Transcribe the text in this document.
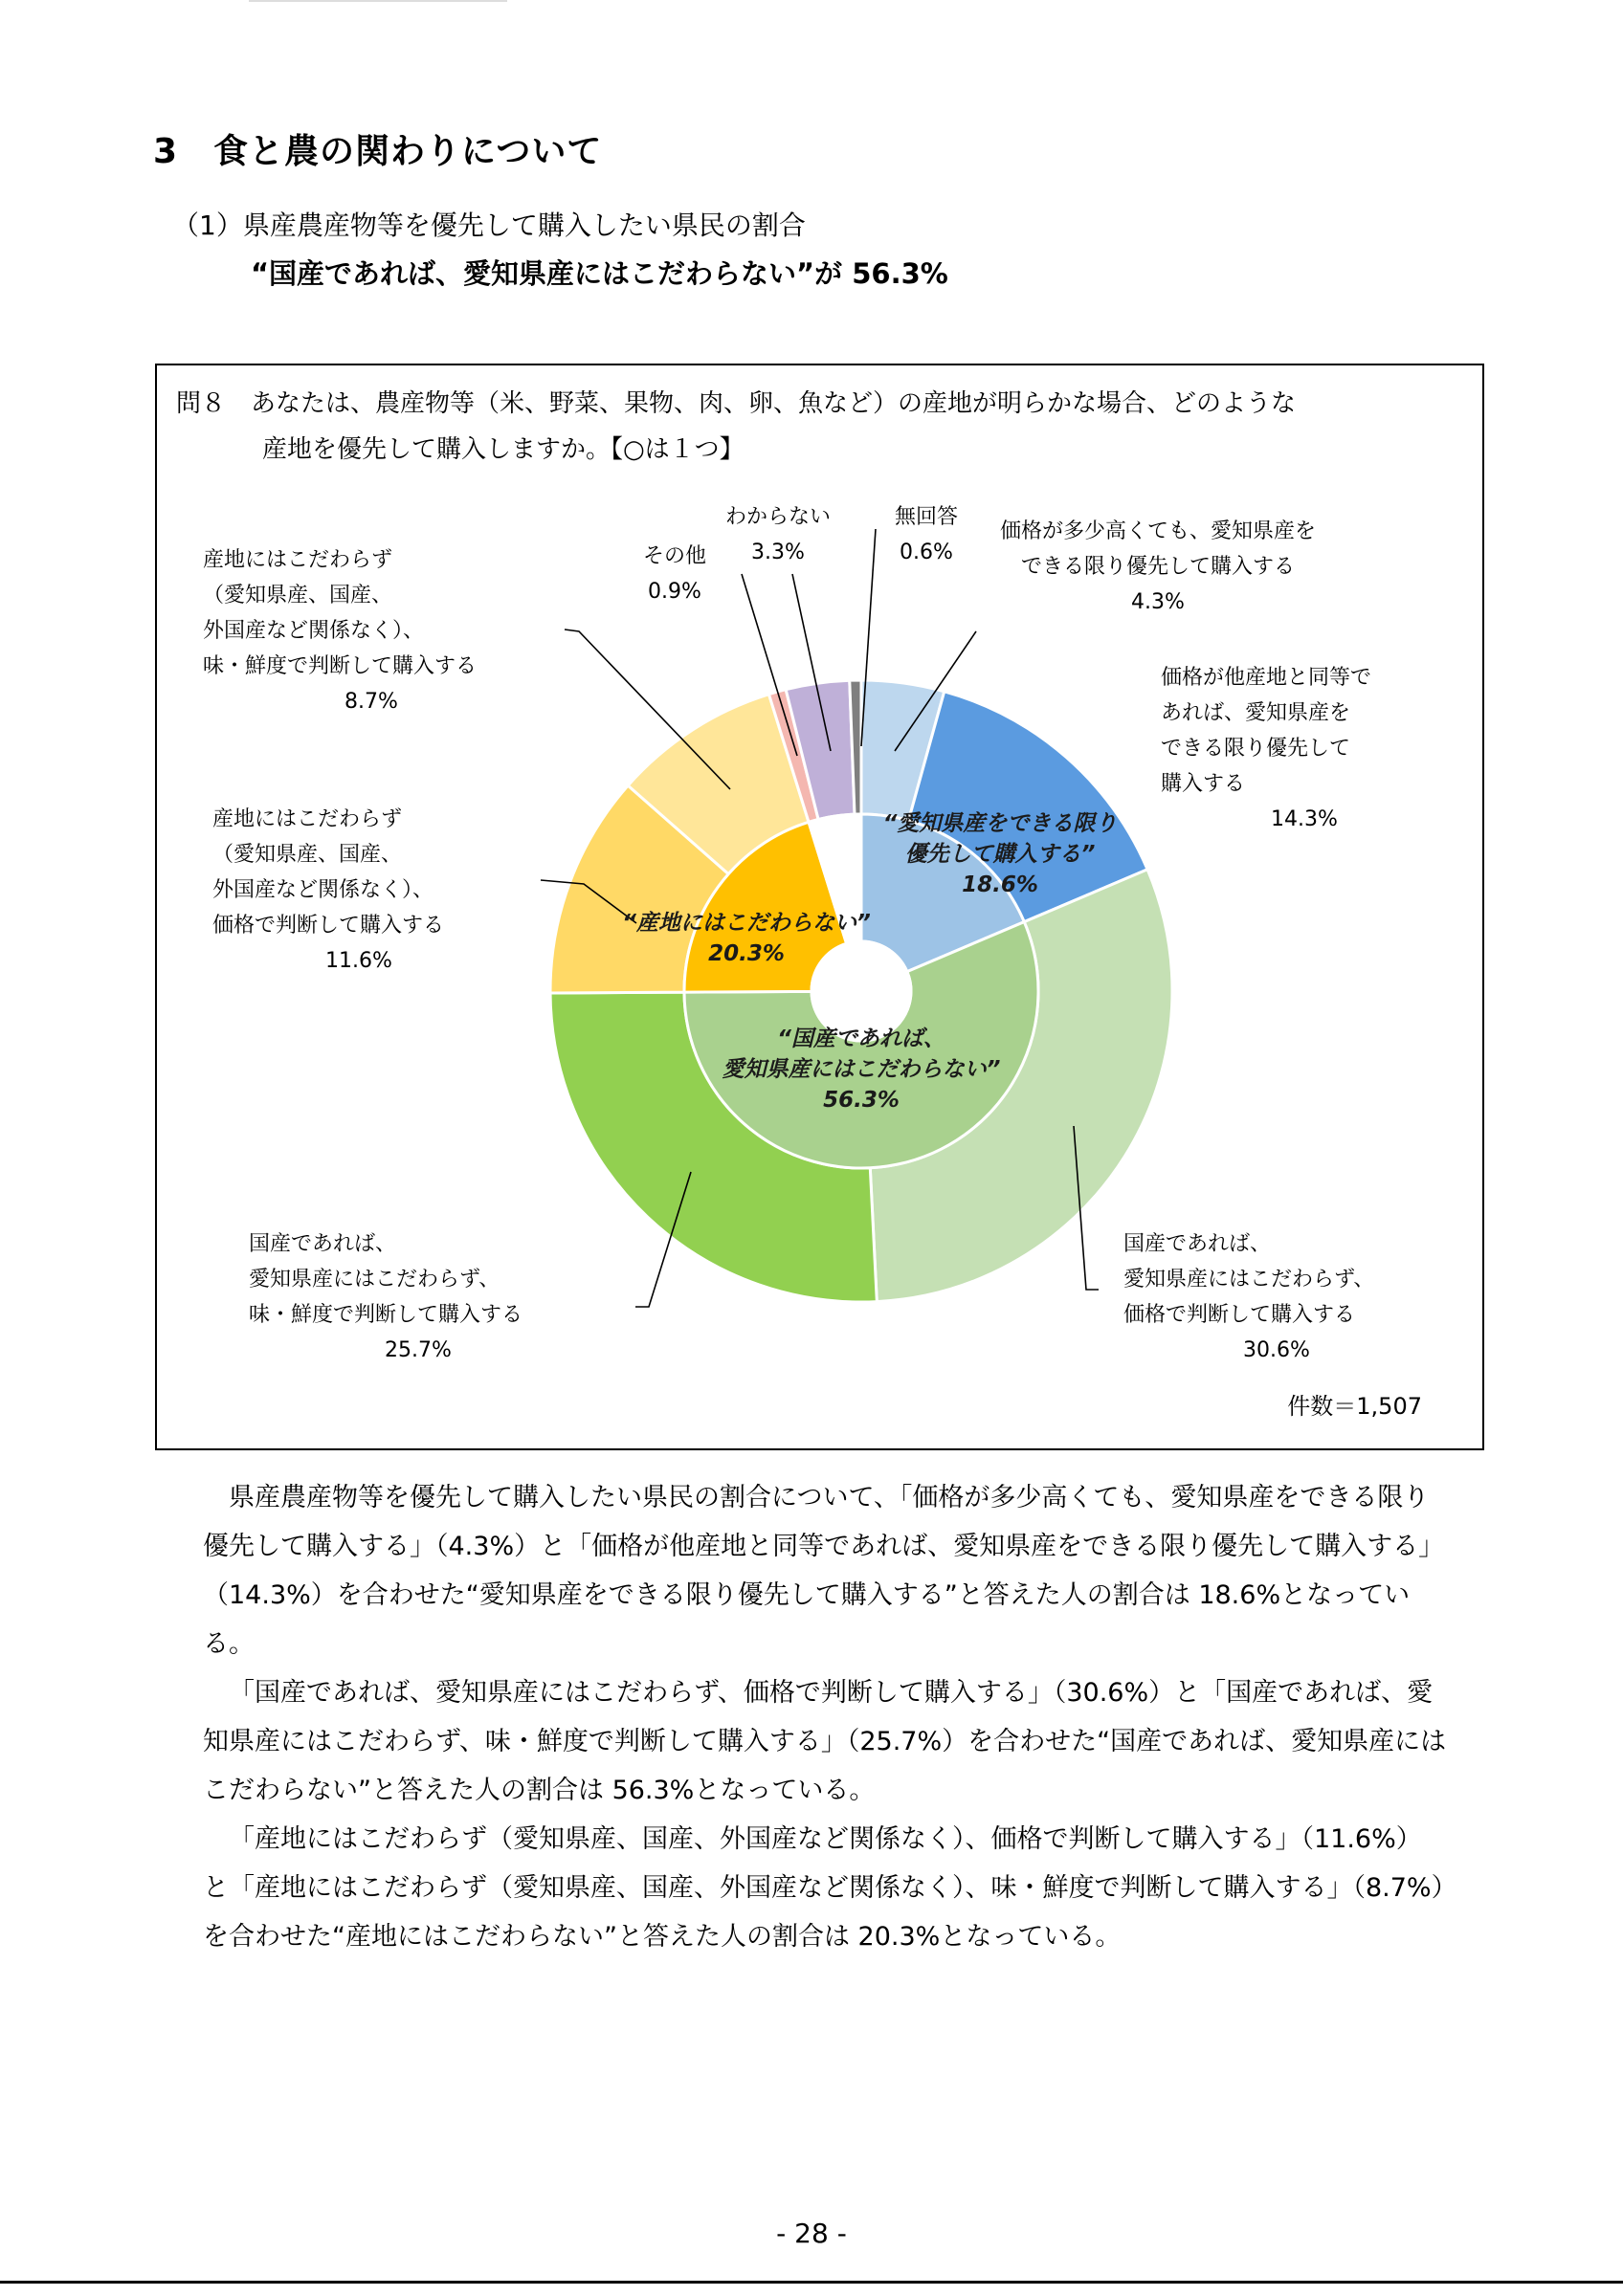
3　食と農の関わりについて
（1）県産農産物等を優先して購入したい県民の割合
“国産であれば、愛知県産にはこだわらない”が 56.3%
問８　あなたは、農産物等（米、野菜、果物、肉、卵、魚など）の産地が明らかな場合、どのような
産地を優先して購入しますか。【○は１つ】
“愛知県産をできる限り
優先して購入する”
18.6%
“国産であれば、
愛知県産にはこだわらない”
56.3%
“産地にはこだわらない”
20.3%
価格が多少高くても、愛知県産を
できる限り優先して購入する
4.3%
価格が他産地と同等で
あれば、愛知県産を
できる限り優先して
購入する
14.3%
国産であれば、
愛知県産にはこだわらず、
価格で判断して購入する
30.6%
国産であれば、
愛知県産にはこだわらず、
味・鮮度で判断して購入する
25.7%
産地にはこだわらず
（愛知県産、国産、
外国産など関係なく）、
価格で判断して購入する
11.6%
産地にはこだわらず
（愛知県産、国産、
外国産など関係なく）、
味・鮮度で判断して購入する
8.7%
その他
0.9%
わからない
3.3%
無回答
0.6%
件数＝1,507

県産農産物等を優先して購入したい県民の割合について、「価格が多少高くても、愛知県産をできる限り優先して購入する」（4.3%）と「価格が他産地と同等であれば、愛知県産をできる限り優先して購入する」（14.3%）を合わせた“愛知県産をできる限り優先して購入する”と答えた人の割合は 18.6%となっている。

「国産であれば、愛知県産にはこだわらず、価格で判断して購入する」（30.6%）と「国産であれば、愛知県産にはこだわらず、味・鮮度で判断して購入する」（25.7%）を合わせた“国産であれば、愛知県産にはこだわらない”と答えた人の割合は 56.3%となっている。

「産地にはこだわらず（愛知県産、国産、外国産など関係なく）、価格で判断して購入する」（11.6%）と「産地にはこだわらず（愛知県産、国産、外国産など関係なく）、味・鮮度で判断して購入する」（8.7%）を合わせた“産地にはこだわらない”と答えた人の割合は 20.3%となっている。

- 28 -
